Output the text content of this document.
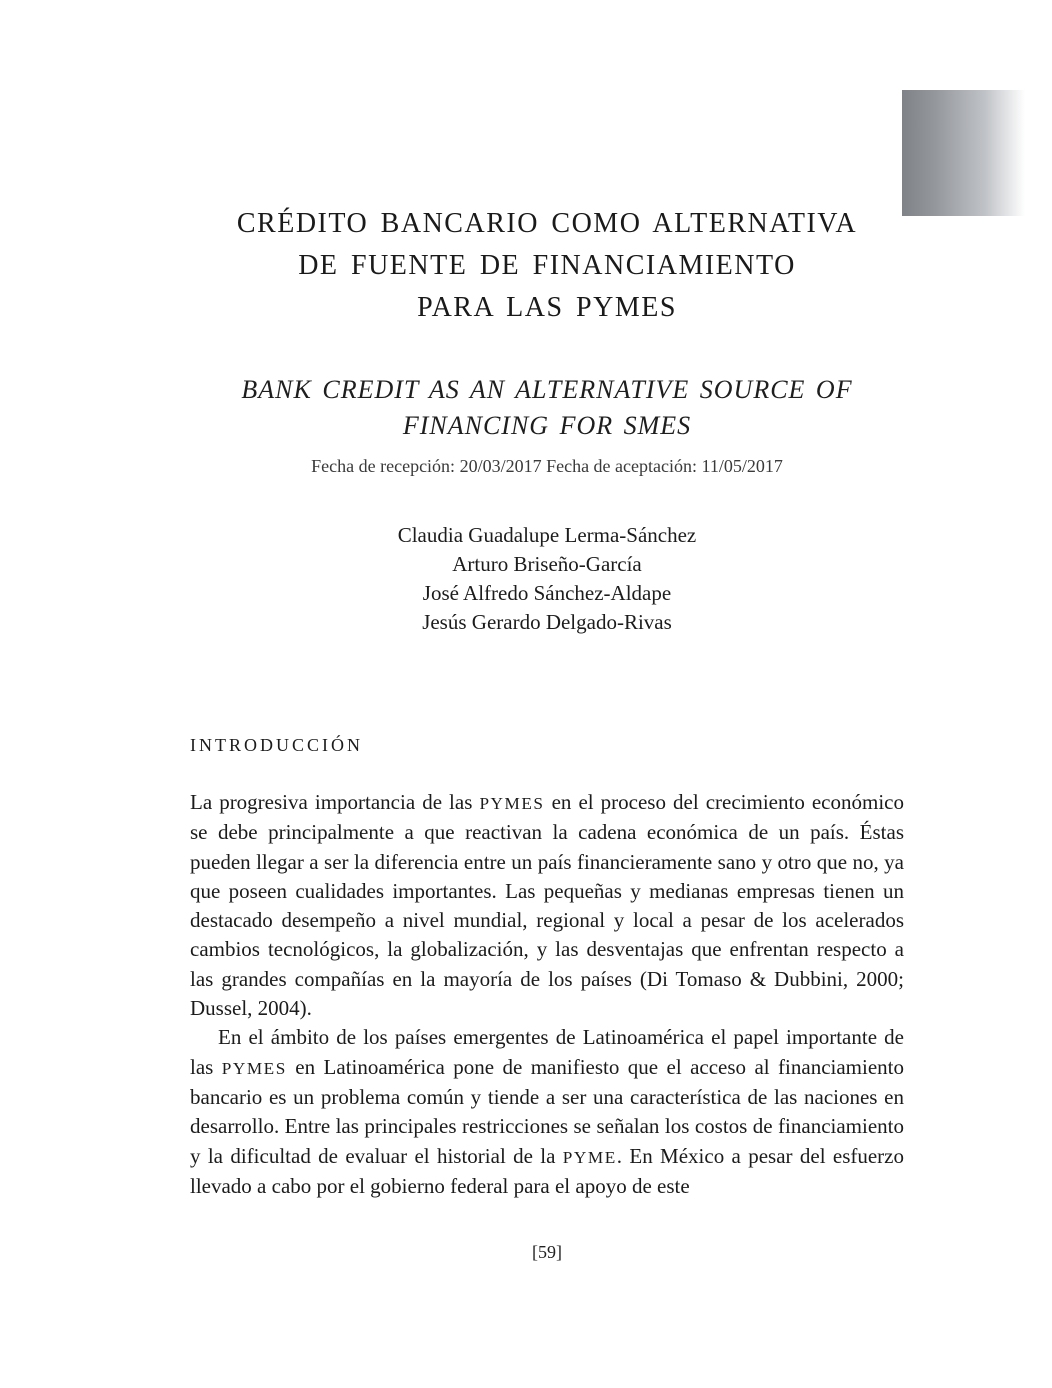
CRÉDITO BANCARIO COMO ALTERNATIVA
DE FUENTE DE FINANCIAMIENTO
PARA LAS PYMES
BANK CREDIT AS AN ALTERNATIVE SOURCE OF
FINANCING FOR SMES
Fecha de recepción: 20/03/2017 Fecha de aceptación: 11/05/2017
Claudia Guadalupe Lerma-Sánchez
Arturo Briseño-García
José Alfredo Sánchez-Aldape
Jesús Gerardo Delgado-Rivas
INTRODUCCIÓN

La progresiva importancia de las PYMES en el proceso del crecimiento económico se debe principalmente a que reactivan la cadena económica de un país. Éstas pueden llegar a ser la diferencia entre un país financieramente sano y otro que no, ya que poseen cualidades importantes. Las pequeñas y medianas empresas tienen un destacado desempeño a nivel mundial, regional y local a pesar de los acelerados cambios tecnológicos, la globalización, y las desventajas que enfrentan respecto a las grandes compañías en la mayoría de los países (Di Tomaso & Dubbini, 2000; Dussel, 2004).

En el ámbito de los países emergentes de Latinoamérica el papel importante de las PYMES en Latinoamérica pone de manifiesto que el acceso al financiamiento bancario es un problema común y tiende a ser una característica de las naciones en desarrollo. Entre las principales restricciones se señalan los costos de financiamiento y la dificultad de evaluar el historial de la PYME. En México a pesar del esfuerzo llevado a cabo por el gobierno federal para el apoyo de este

[59]
